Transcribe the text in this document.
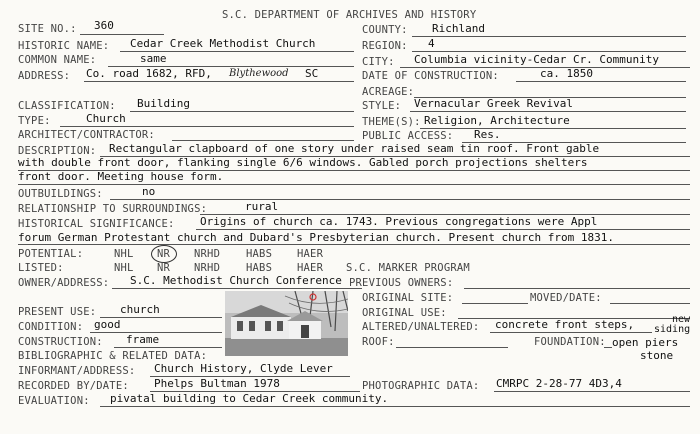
S.C. DEPARTMENT OF ARCHIVES AND HISTORY
SITE NO.: 360
HISTORIC NAME: Cedar Creek Methodist Church
COMMON NAME:	same
ADDRESS: Co. road 1682, RFD, Blythewood SC
COUNTY: Richland
REGION: 4
CITY: Columbia vicinity-Cedar Cr. Community
DATE OF CONSTRUCTION:	ca. 1850
ACREAGE:
CLASSIFICATION: Building	STYLE: Vernacular Greek Revival
TYPE:	Church	THEME(S): Religion, Architecture
ARCHITECT/CONTRACTOR:	PUBLIC ACCESS: Res.
DESCRIPTION: Rectangular clapboard of one story under raised seam tin roof. Front gable
with double front door, flanking single 6/6 windows. Gabled porch projections shelters
front door. Meeting house form.
OUTBUILDINGS:	no
RELATIONSHIP TO SURROUNDINGS:	rural
HISTORICAL SIGNIFICANCE: Origins of church ca. 1743. Previous congregations were Appl
forum German Protestant church and Dubard's Presbyterian church. Present church from 1831.
POTENTIAL:	NHL NR NRHD HABS HAER
LISTED:	NHL NR NRHD HABS HAER S.C. MARKER PROGRAM
OWNER/ADDRESS: S.C. Methodist Church Conference PREVIOUS OWNERS:
PRESENT USE: church
CONDITION: good
CONSTRUCTION: frame
BIBLIOGRAPHIC & RELATED DATA:
ORIGINAL SITE:	MOVED/DATE:
ORIGINAL USE:
ALTERED/UNALTERED: concrete front steps,	new
siding
ROOF:	FOUNDATION: open piers
stone
INFORMANT/ADDRESS: Church History, Clyde Lever
RECORDED BY/DATE: Phelps Bultman 1978	PHOTOGRAPHIC DATA: CMRPC 2-28-77 4D3,4
EVALUATION: pivatal building to Cedar Creek community.
